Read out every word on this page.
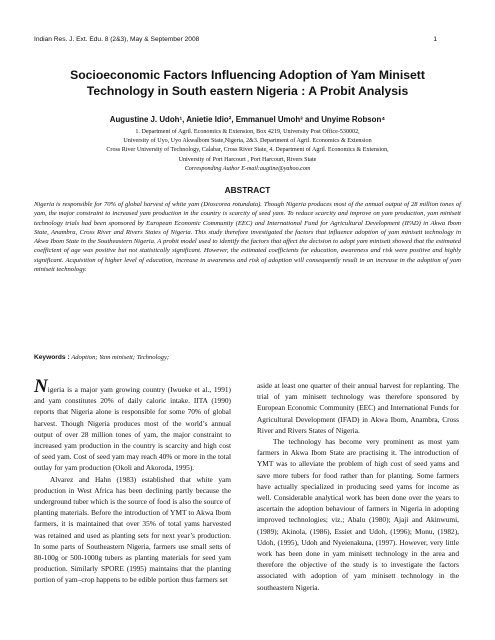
Indian Res. J. Ext. Edu. 8 (2&3), May & September 2008	1
Socioeconomic Factors Influencing Adoption of Yam Minisett
Technology in South eastern Nigeria : A Probit Analysis
Augustine J. Udoh¹, Anietie Idio², Emmanuel Umoh³ and Unyime Robson⁴
1. Department of Agril. Economics & Extension, Box 4219, University Post Office-530002,
University of Uyo, Uyo Akwalbom State,Nigeria, 2&3. Department of Agril. Economics & Extension
Cross River University of Technology, Calabar, Cross River State, 4. Department of Agril. Economics & Extension,
University of Port Harcourt , Port Harcourt, Rivers State
Corresponding Author E-mail:augtine@yahoo.com
ABSTRACT
Nigeria is responsible for 70% of global harvest of white yam (Dioscorea rotundata). Though Nigeria produces most of the annual output of 28 million tones of yam, the major constraint to increased yam production in the country is scarcity of seed yam. To reduce scarcity and improve on yam production, yam minisett technology trials had been sponsored by European Economic Community (EEC) and International Fund for Agricultural Development (IFAD) in Akwa Ibom State, Anambra, Cross River and Rivers States of Nigeria. This study therefore investigated the factors that influence adoption of yam minisett technology in Akwa Ibom State in the Southeastern Nigeria. A probit model used to identify the factors that affect the decision to adopt yam minisett showed that the estimated coefficient of age was positive but not statistically significant. However, the estimated coefficients for education, awareness and risk were positive and highly significant. Acquisition of higher level of education, increase in awareness and risk of adoption will consequently result in an increase in the adoption of yam minisett technology.
Keywords : Adoption; Yam minisett; Technology;

Nigeria is a major yam growing country (Iwueke et al., 1991) and yam constitutes 20% of daily caloric intake. IITA (1990) reports that Nigeria alone is responsible for some 70% of global harvest. Though Nigeria produces most of the world’s annual output of over 28 million tones of yam, the major constraint to increased yam production in the country is scarcity and high cost of seed yam. Cost of seed yam may reach 40% or more in the total outlay for yam production (Okoli and Akoroda, 1995).

Alvarez and Hahn (1983) established that white yam production in West Africa has been declining partly because the underground tuber which is the source of food is also the source of planting materials. Before the introduction of YMT to Akwa Ibom farmers, it is maintained that over 35% of total yams harvested was retained and used as planting sets for next year’s production. In some parts of Southeastern Nigeria, farmers use small setts of 80-100g or 500-1000g tubers as planting materials for seed yam production. Similarly SPORE (1995) maintains that the planting portion of yam–crop happens to be edible portion thus farmers set

aside at least one quarter of their annual harvest for replanting. The trial of yam minisett technology was therefore sponsored by European Economic Community (EEC) and International Funds for Agricultural Development (IFAD) in Akwa Ibom, Anambra, Cross River and Rivers States of Nigeria.

The technology has become very prominent as most yam farmers in Akwa Ibom State are practising it. The introduction of YMT was to alleviate the problem of high cost of seed yams and save more tubers for food rather than for planting. Some farmers have actually specialized in producing seed yams for income as well. Considerable analytical work has been done over the years to ascertain the adoption behaviour of farmers in Nigeria in adopting improved technologies; viz.; Abalu (1980); Ajaji and Akinwumi, (1989); Akinola, (1986), Essiet and Udoh, (1996); Monu, (1982), Udoh, (1995), Udoh and Nyeienakuna, (1997). However, very little work has been done in yam minisett technology in the area and therefore the objective of the study is to investigate the factors associated with adoption of yam minisett technology in the southeastern Nigeria.
